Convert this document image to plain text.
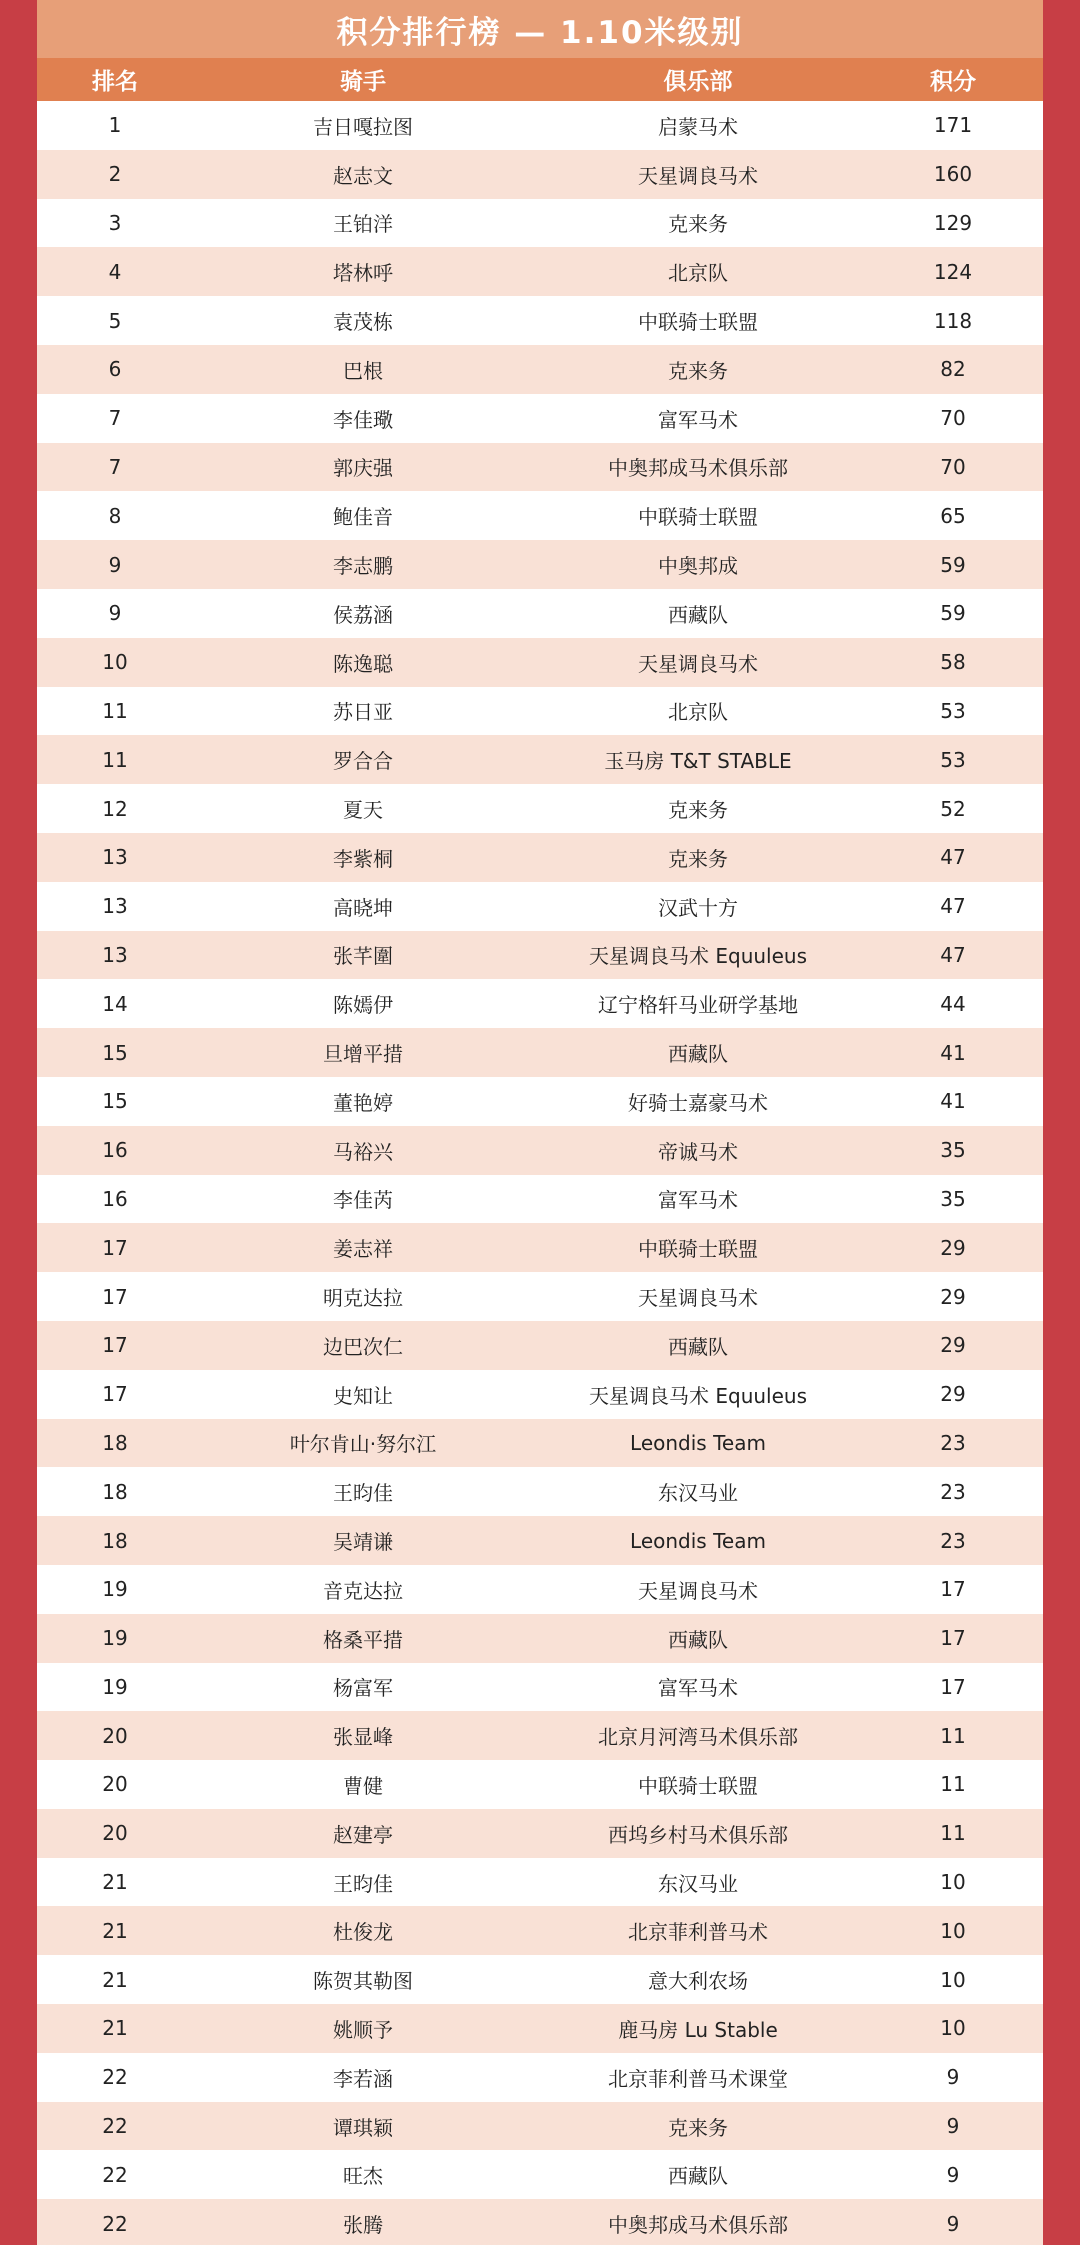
积分排行榜 — 1.10米级别
排名	骑手	俱乐部	积分
1	吉日嘎拉图	启蒙马术	171
2	赵志文	天星调良马术	160
3	王铂洋	克来务	129
4	塔林呼	北京队	124
5	袁茂栋	中联骑士联盟	118
6	巴根	克来务	82
7	李佳璥	富军马术	70
7	郭庆强	中奥邦成马术俱乐部	70
8	鲍佳音	中联骑士联盟	65
9	李志鹏	中奥邦成	59
9	侯荔涵	西藏队	59
10	陈逸聪	天星调良马术	58
11	苏日亚	北京队	53
11	罗合合	玉马房 T&T STABLE	53
12	夏天	克来务	52
13	李紫桐	克来务	47
13	高晓坤	汉武十方	47
13	张芊圍	天星调良马术 Equuleus	47
14	陈嫣伊	辽宁格轩马业研学基地	44
15	旦增平措	西藏队	41
15	董艳婷	好骑士嘉豪马术	41
16	马裕兴	帝诚马术	35
16	李佳芮	富军马术	35
17	姜志祥	中联骑士联盟	29
17	明克达拉	天星调良马术	29
17	边巴次仁	西藏队	29
17	史知让	天星调良马术 Equuleus	29
18	叶尔肯山·努尔江	Leondis Team	23
18	王昀佳	东汉马业	23
18	吴靖谦	Leondis Team	23
19	音克达拉	天星调良马术	17
19	格桑平措	西藏队	17
19	杨富军	富军马术	17
20	张显峰	北京月河湾马术俱乐部	11
20	曹健	中联骑士联盟	11
20	赵建亭	西坞乡村马术俱乐部	11
21	王昀佳	东汉马业	10
21	杜俊龙	北京菲利普马术	10
21	陈贺其勒图	意大利农场	10
21	姚顺予	鹿马房 Lu Stable	10
22	李若涵	北京菲利普马术课堂	9
22	谭琪颖	克来务	9
22	旺杰	西藏队	9
22	张腾	中奥邦成马术俱乐部	9
